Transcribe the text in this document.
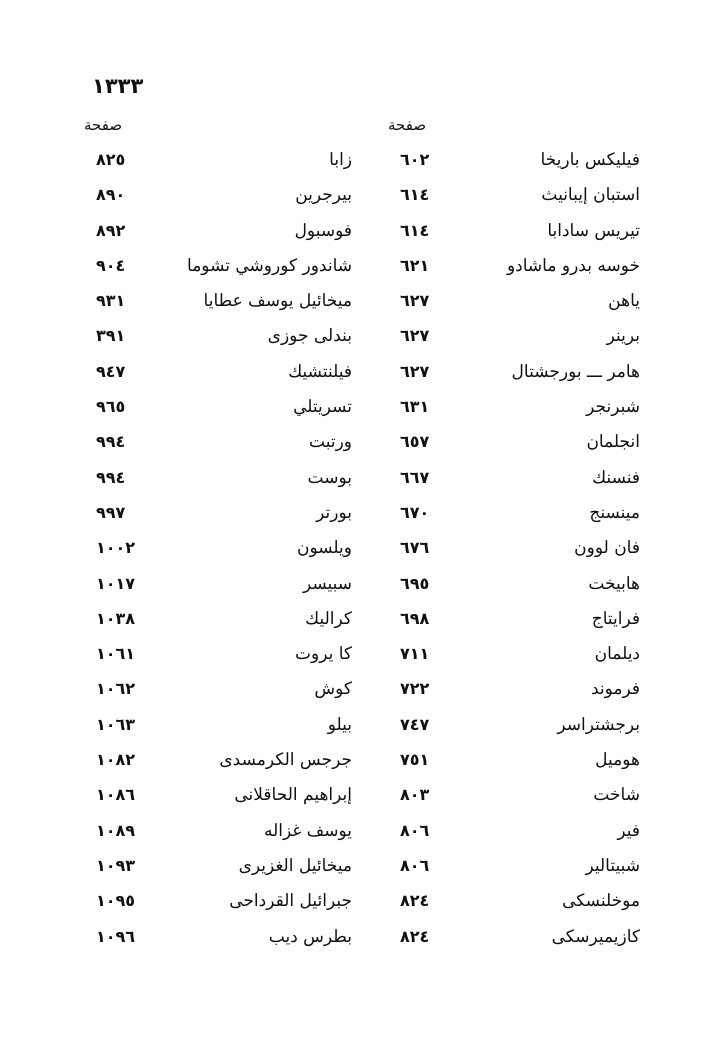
١٣٣٣
صفحة	صفحة
فيليكس باريخا
٦٠٢
زابا
٨٢٥
استبان إيبانيث
٦١٤
بيرجرين
٨٩٠
تيريس سادابا
٦١٤
فوسبول
٨٩٢
خوسه بدرو ماشادو
٦٢١
شاندور كوروشي تشوما
٩٠٤
ياهن
٦٢٧
ميخائيل يوسف عطايا
٩٣١
برينر
٦٢٧
بندلى جوزى
٣٩١
هامر ـــ بورجشتال
٦٢٧
فيلنتشيك
٩٤٧
شبرنجر
٦٣١
تسريتلي
٩٦٥
انجلمان
٦٥٧
ورتبت
٩٩٤
فنسنك
٦٦٧
بوست
٩٩٤
مينسنج
٦٧٠
بورتر
٩٩٧
فان لوون
٦٧٦
ويلسون
١٠٠٢
هابيخت
٦٩٥
سبيسر
١٠١٧
فرايتاج
٦٩٨
كراليك
١٠٣٨
ديلمان
٧١١
كا يروت
١٠٦١
فرموند
٧٢٢
كوش
١٠٦٢
برجشتراسر
٧٤٧
بيلو
١٠٦٣
هوميل
٧٥١
جرجس الكرمسدى
١٠٨٢
شاخت
٨٠٣
إبراهيم الحاقلانى
١٠٨٦
فير
٨٠٦
يوسف غزاله
١٠٨٩
شبيتالير
٨٠٦
ميخائيل الغزيرى
١٠٩٣
موخلنسكى
٨٢٤
جبرائيل القرداحى
١٠٩٥
كازيميرسكى
٨٢٤
بطرس ديب
١٠٩٦
